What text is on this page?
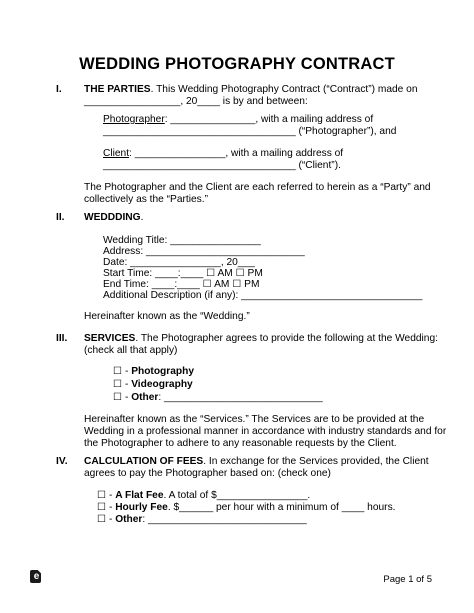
WEDDING PHOTOGRAPHY CONTRACT
I. THE PARTIES. This Wedding Photography Contract (“Contract”) made on
_________________, 20____ is by and between:
Photographer: _______________, with a mailing address of
__________________________________ (“Photographer”), and
Client: ________________, with a mailing address of
__________________________________ (“Client”).
The Photographer and the Client are each referred to herein as a “Party” and
collectively as the “Parties.”
II. WEDDDING.
Wedding Title: ________________
Address: ____________________________
Date: ________________, 20___
Start Time: ____:____ ☐ AM ☐ PM
End Time: ____:____ ☐ AM ☐ PM
Additional Description (if any): ________________________________
Hereinafter known as the “Wedding.”
III. SERVICES. The Photographer agrees to provide the following at the Wedding:
(check all that apply)
☐ - Photography
☐ - Videography
☐ - Other: ____________________________
Hereinafter known as the “Services.” The Services are to be provided at the
Wedding in a professional manner in accordance with industry standards and for
the Photographer to adhere to any reasonable requests by the Client.
IV. CALCULATION OF FEES. In exchange for the Services provided, the Client
agrees to pay the Photographer based on: (check one)
☐ - A Flat Fee. A total of $________________.
☐ - Hourly Fee. $______ per hour with a minimum of ____ hours.
☐ - Other: ____________________________
e	Page 1 of 5
